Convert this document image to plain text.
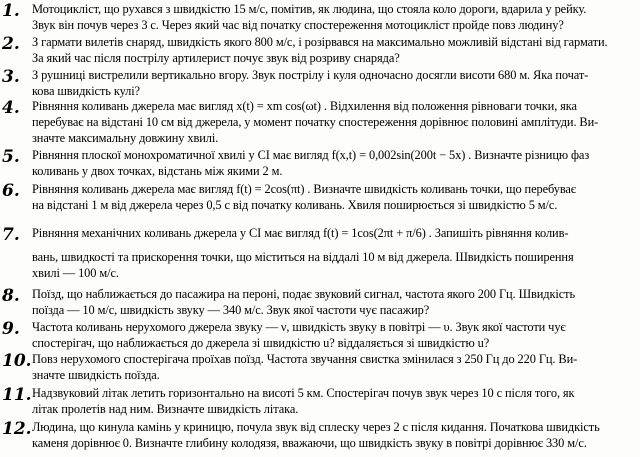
1. Мотоцикліст, що рухався з швидкістю 15 м/с, помітив, як людина, що стояла коло дороги, вдарила у рейку.
Звук він почув через 3 с. Через який час від початку спостереження мотоцикліст пройде повз людину?
2. З гармати вилетів снаряд, швидкість якого 800 м/с, і розірвався на максимально можливій відстані від гармати.
За який час після пострілу артилерист почує звук від розриву снаряда?
3. З рушниці вистрелили вертикально вгору. Звук пострілу і куля одночасно досягли висоти 680 м. Яка почат-
кова швидкість кулі?
4. Рівняння коливань джерела має вигляд x(t) = xm cos(ωt) . Відхилення від положення рівноваги точки, яка
перебуває на відстані 10 см від джерела, у момент початку спостереження дорівнює половині амплітуди. Ви-
значте максимальну довжину хвилі.
5. Рівняння плоскої монохроматичної хвилі у СІ має вигляд f(x,t) = 0,002sin(200t − 5x) . Визначте різницю фаз
коливань у двох точках, відстань між якими 2 м.
6. Рівняння коливань джерела має вигляд f(t) = 2cos(πt) . Визначте швидкість коливань точки, що перебуває
на відстані 1 м від джерела через 0,5 с від початку коливань. Хвиля поширюється зі швидкістю 5 м/с.
7. Рівняння механічних коливань джерела у СІ має вигляд f(t) = 1cos(2πt + π/6) . Запишіть рівняння колив-
вань, швидкості та прискорення точки, що міститься на віддалі 10 м від джерела. Швидкість поширення
хвилі — 100 м/с.
8. Поїзд, що наближається до пасажира на пероні, подає звуковий сигнал, частота якого 200 Гц. Швидкість
поїзда — 10 м/с, швидкість звуку — 340 м/с. Звук якої частоти чує пасажир?
9. Частота коливань нерухомого джерела звуку — ν, швидкість звуку в повітрі — υ. Звук якої частоти чує
спостерігач, що наближається до джерела зі швидкістю u? віддаляється зі швидкістю u?
10. Повз нерухомого спостерігача проїхав поїзд. Частота звучання свистка змінилася з 250 Гц до 220 Гц. Ви-
значте швидкість поїзда.
11. Надзвуковий літак летить горизонтально на висоті 5 км. Спостерігач почув звук через 10 с після того, як
літак пролетів над ним. Визначте швидкість літака.
12. Людина, що кинула камінь у криницю, почула звук від сплеску через 2 с після кидання. Початкова швидкість
каменя дорівнює 0. Визначте глибину колодязя, вважаючи, що швидкість звуку в повітрі дорівнює 330 м/с.
